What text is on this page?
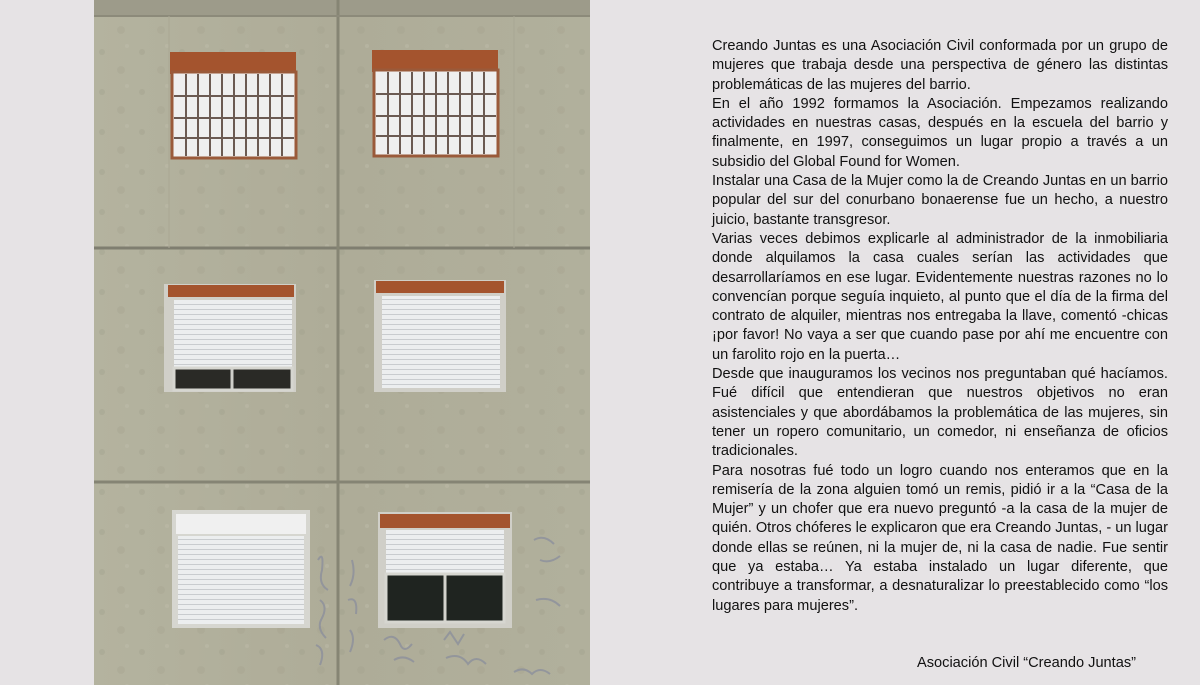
Creando Juntas es una Asociación Civil conformada por un grupo de mujeres que trabaja desde una perspectiva de género las distintas problemáticas de las mujeres del barrio.

En el año 1992 formamos la Asociación. Empezamos realizando actividades en nuestras casas, después en la escuela del barrio y finalmente, en 1997, conseguimos un lugar propio a través a un subsidio del Global Found for Women.

Instalar una Casa de la Mujer como la de Creando Juntas en un barrio popular del sur del conurbano bonaerense fue un hecho, a nuestro juicio, bastante transgresor.

Varias veces debimos explicarle al administrador de la inmobiliaria donde alquilamos la casa cuales serían las actividades que desarrollaríamos en ese lugar. Evidentemente nuestras razones no lo convencían porque seguía inquieto, al punto que el día de la firma del contrato de alquiler, mientras nos entregaba la llave, comentó -chicas ¡por favor! No vaya a ser que cuando pase por ahí me encuentre con un farolito rojo en la puerta…

Desde que inauguramos los vecinos nos preguntaban qué hacíamos. Fué difícil que entendieran que nuestros objetivos no eran asistenciales y que abordábamos la problemática de las mujeres, sin tener un ropero comunitario, un comedor, ni enseñanza de oficios tradicionales.

Para nosotras fué todo un logro cuando nos enteramos que en la remisería de la zona alguien tomó un remis, pidió ir a la “Casa de la Mujer” y un chofer que era nuevo preguntó -a la casa de la mujer de quién. Otros chóferes le explicaron que era Creando Juntas, - un lugar donde ellas se reúnen, ni la mujer de, ni la casa de nadie. Fue sentir que ya estaba… Ya estaba instalado un lugar diferente, que contribuye a transformar, a desnaturalizar lo preestablecido como “los lugares para mujeres”.

Asociación Civil “Creando Juntas”
